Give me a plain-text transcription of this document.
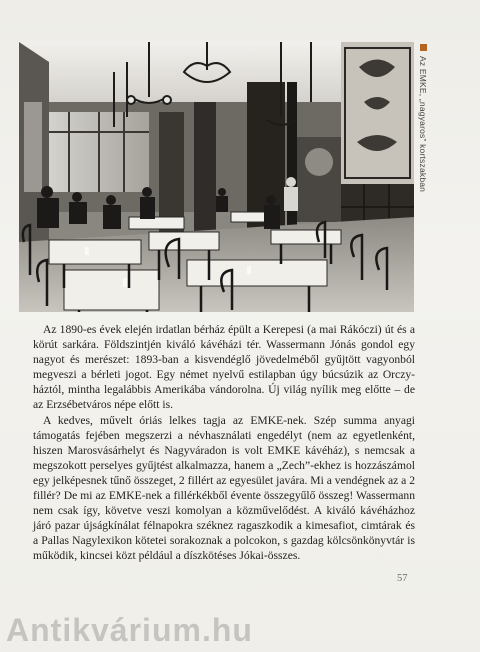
Az EMKE, „nagyaros” kortszakban

Az 1890-es évek elején irdatlan bérház épült a Kerepesi (a mai Rákóczi) út és a körút sarkára. Földszintjén kiváló kávéházi tér. Wassermann Jónás gondol egy nagyot és merészet: 1893-ban a kisvendéglő jövedelméből gyűjtött vagyonból megveszi a bérleti jogot. Egy német nyelvű estilapban úgy búcsúzik az Orczy-háztól, mintha legalábbis Amerikába vándorolna. Új világ nyílik meg előtte – de az Erzsébetváros népe előtt is.

A kedves, művelt óriás lelkes tagja az EMKE-nek. Szép summa anyagi támogatás fejében megszerzi a névhasználati engedélyt (nem az egyetlenként, hiszen Marosvásárhelyt és Nagyváradon is volt EMKE kávéház), s nemcsak a megszokott perselyes gyűjtést alkalmazza, hanem a „Zech”-ekhez is hozzászámol egy jelképesnek tűnő összeget, 2 fillért az egyesület javára. Mi a vendégnek az a 2 fillér? De mi az EMKE-nek a fillérkékből évente összegyűlő összeg! Wassermann nem csak így, követve veszi komolyan a közművelődést. A kiváló kávéházhoz járó pazar újságkínálat félnapokra széknez ragaszkodik a kimesafiot, cimtárak és a Pallas Nagylexikon kötetei sorakoznak a polcokon, s gazdag kölcsönkönyvtár is működik, kincsei közt például a díszkötéses Jókai-összes.

57
Antikvárium.hu
